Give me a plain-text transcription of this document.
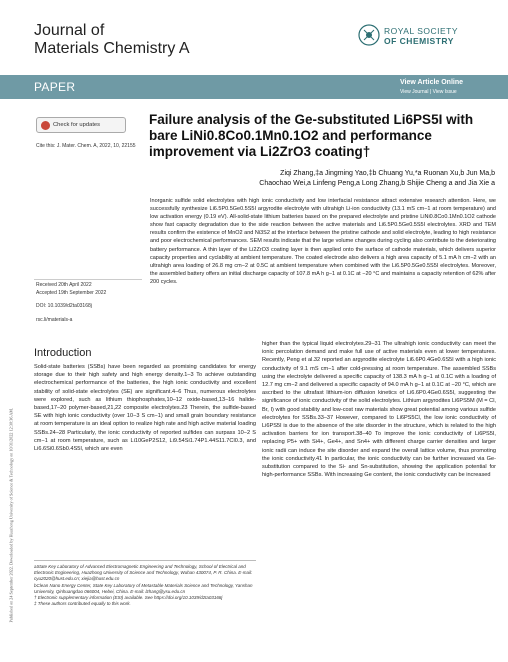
Published on 24 September 2022. Downloaded by Huazhong University of Science & Technology on 10/31/2022 12:30:36 AM.
Journal of
Materials Chemistry A
ROYAL SOCIETY
OF CHEMISTRY
PAPER	View Article Online
View Journal | View Issue
Check for updates
Cite this: J. Mater. Chem. A, 2022, 10, 22155
Failure analysis of the Ge-substituted Li6PS5I with bare LiNi0.8Co0.1Mn0.1O2 and performance improvement via Li2ZrO3 coating†
Ziqi Zhang,‡a Jingming Yao,‡b Chuang Yu,*a Ruonan Xu,b Jun Ma,b Chaochao Wei,a Linfeng Peng,a Long Zhang,b Shijie Cheng a and Jia Xie a
Inorganic sulfide solid electrolytes with high ionic conductivity and low interfacial resistance attract extensive research attention. Here, we successfully synthesize Li6.5P0.5Ge0.5S5I argyrodite electrolyte with ultrahigh Li-ion conductivity (13.1 mS cm−1 at room temperature) and low activation energy (0.19 eV). All-solid-state lithium batteries based on the prepared electrolyte and pristine LiNi0.8Co0.1Mn0.1O2 cathode show fast capacity degradation due to the side reaction between the active materials and Li6.5P0.5Ge0.5S5I electrolytes. XRD and TEM results confirm the existence of MnO2 and Ni3S2 at the interface between the pristine cathode and solid electrolyte, leading to high resistance and poor electrochemical performances. SEM results indicate that the large volume changes during cycling also contribute to the deteriorating battery performance. A thin layer of the Li2ZrO3 coating layer is then applied onto the surface of cathode materials, which delivers superior capacity properties and cyclability at ambient temperature. The coated electrode also delivers a high area capacity of 5.1 mA h cm−2 with an ultrahigh area loading of 26.8 mg cm−2 at 0.5C at ambient temperature when combined with the Li6.5P0.5Ge0.5S5I electrolytes. Moreover, the assembled battery offers an initial discharge capacity of 107.8 mA h g−1 at 0.1C at −20 °C and maintains a capacity retention of 62% after 200 cycles.
Received 20th April 2022
Accepted 19th September 2022
DOI: 10.1039/d2ta03168j
rsc.li/materials-a
Introduction
Solid-state batteries (SSBs) have been regarded as promising candidates for energy storage due to their high safety and high energy density.1–3 To achieve outstanding electrochemical performance of the batteries, the high ionic conductivity and excellent stability of solid-state electrolytes (SE) are significant.4–6 Thus, numerous electrolytes were explored, such as lithium thiophosphates,10–12 oxide-based,13–16 halide-based,17–20 polymer-based,21,22 composite electrolytes.23 Therein, the sulfide-based SE with high ionic conductivity (over 10−3 S cm−1) and small grain boundary resistance at room temperature is an ideal option to realize high rate and high active material loading SSBs.24–28 Particularly, the ionic conductivity of reported sulfides can surpass 10−2 S cm−1 at room temperature, such as Li10GeP2S12, Li9.54Si1.74P1.44S11.7Cl0.3, and Li6.6Si0.6Sb0.4S5I, which are even
higher than the typical liquid electrolytes.29–31 The ultrahigh ionic conductivity can meet the ionic percolation demand and make full use of active materials even at lower temperatures. Recently, Peng et al.32 reported an argyrodite electrolyte Li6.6P0.4Ge0.6S5I with a high ionic conductivity of 9.1 mS cm−1 after cold-pressing at room temperature. The assembled SSBs using the electrolyte delivered a specific capacity of 138.3 mA h g−1 at 0.1C with a loading of 12.7 mg cm−2 and delivered a specific capacity of 94.0 mA h g−1 at 0.1C at −20 °C, which are ascribed to the ultrafast lithium-ion diffusion kinetics of Li6.6P0.4Ge0.6S5I, suggesting the significance of ionic conductivity of the solid electrolytes. Lithium argyrodites Li6PS5M (M = Cl, Br, I) with good stability and low-cost raw materials show great potential among various sulfide electrolytes for SSBs.33–37 However, compared to Li6PS5Cl, the low ionic conductivity of Li6PS5I is due to the absence of the site disorder in the structure, which is related to the high activation barriers for ion transport.38–40 To improve the ionic conductivity of Li6PS5I, replacing P5+ with Si4+, Ge4+, and Sn4+ with different charge carrier densities and larger ionic radii can induce the site disorder and expand the overall lattice volume, thus promoting the ionic conductivity.41 In particular, the ionic conductivity can be further increased via Ge-substitution compared to the Si- and Sn-substitution, showing the application potential for high-performance SSBs. With increasing Ge content, the ionic conductivity can be increased
aState Key Laboratory of Advanced Electromagnetic Engineering and Technology, School of Electrical and Electronic Engineering, Huazhong University of Science and Technology, Wuhan 430074, P. R. China. E-mail: cyu2020@hust.edu.cn; xiejia@hust.edu.cn
bClean Nano Energy Center, State Key Laboratory of Metastable Materials Science and Technology, Yanshan University, Qinhuangdao 066004, Hebei, China. E-mail: lzhang@ysu.edu.cn
† Electronic supplementary information (ESI) available. See https://doi.org/10.1039/d2ta03168j
‡ These authors contributed equally to this work.
